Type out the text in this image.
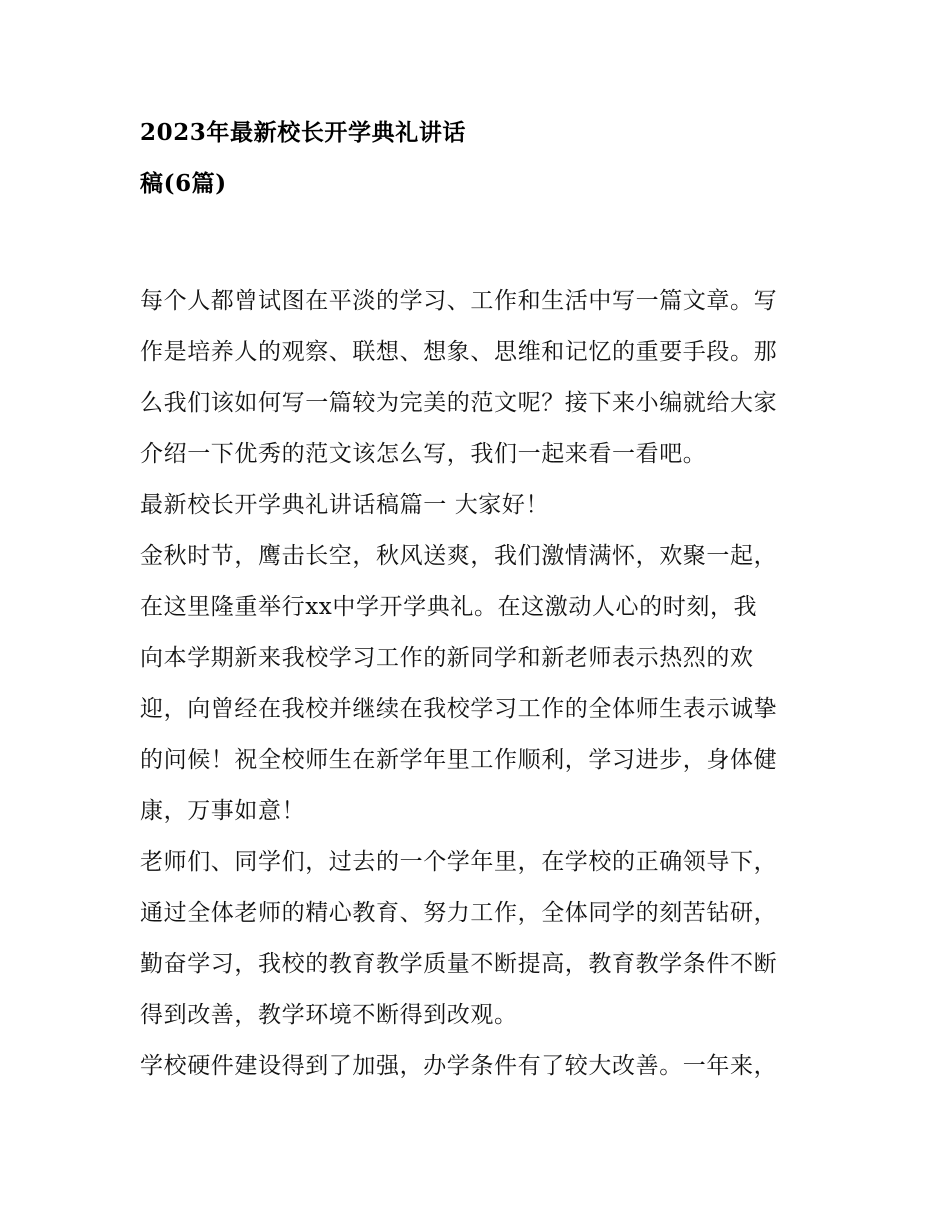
2023年最新校长开学典礼讲话
稿(6篇)
每个人都曾试图在平淡的学习、工作和生活中写一篇文章。写
作是培养人的观察、联想、想象、思维和记忆的重要手段。那
么我们该如何写一篇较为完美的范文呢？接下来小编就给大家
介绍一下优秀的范文该怎么写，我们一起来看一看吧。
最新校长开学典礼讲话稿篇一 大家好！
金秋时节，鹰击长空，秋风送爽，我们激情满怀，欢聚一起，
在这里隆重举行xx中学开学典礼。在这激动人心的时刻，我
向本学期新来我校学习工作的新同学和新老师表示热烈的欢
迎，向曾经在我校并继续在我校学习工作的全体师生表示诚挚
的问候！祝全校师生在新学年里工作顺利，学习进步，身体健
康，万事如意！
老师们、同学们，过去的一个学年里，在学校的正确领导下，
通过全体老师的精心教育、努力工作，全体同学的刻苦钻研，
勤奋学习，我校的教育教学质量不断提高，教育教学条件不断
得到改善，教学环境不断得到改观。
学校硬件建设得到了加强，办学条件有了较大改善。一年来，
